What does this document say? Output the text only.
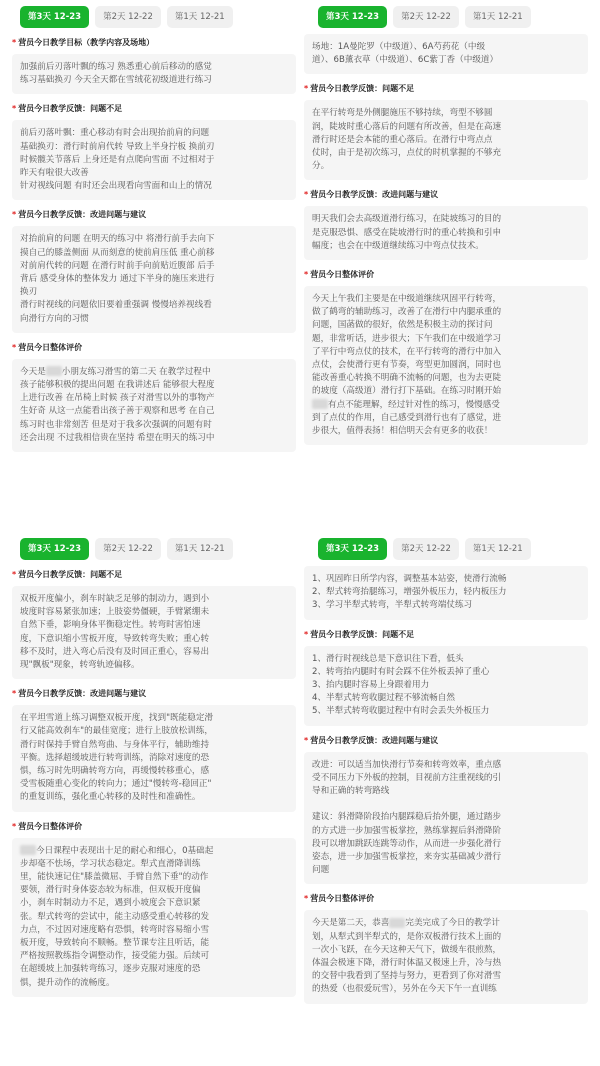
第3天 12-23	第2天 12-22	第1天 12-21
* 营员今日教学目标（教学内容及场地）
加强前后刃落叶飘的练习 熟悉重心前后移动的感觉
练习基础换刃 今天全天都在雪绒花初级道进行练习
* 营员今日教学反馈：问题不足
前后刃落叶飘：重心移动有时会出现抬前肩的问题
基础换刃：滑行时前肩代转 导致上半身拧板 换前刃
时候髋关节落后 上身还是有点爬向雪面 不过相对于
昨天有啦很大改善
针对视线问题 有时还会出现看向雪面和山上的情况
* 营员今日教学反馈：改进问题与建议
对抬前肩的问题 在明天的练习中 将滑行前手去向下
摸自己的膝盖侧面 从而刻意的使前肩压低 重心前移
对前肩代转的问题 在滑行时前手向前贴近腹部 后手
背后 感受身体的整体发力 通过下半身的施压来进行
换刃
滑行时视线的问题依旧要着重强调 慢慢培养视线看
向滑行方向的习惯
* 营员今日整体评价
今天是 小朋友练习滑雪的第二天 在教学过程中
孩子能够积极的提出问题 在我讲述后 能够很大程度
上进行改善 在吊椅上时候 孩子对滑雪以外的事物产
生好奇 从这一点能看出孩子善于观察和思考 在自己
练习时也非常刻苦 但是对于我多次强调的问题有时
还会出现 不过我相信贵在坚持 希望在明天的练习中
第3天 12-23	第2天 12-22	第1天 12-21
* 营员今日教学反馈：问题不足
双板开度偏小，刹车时缺乏足够的制动力，遇到小
坡度时容易紧张加速；上肢姿势僵硬，手臂紧绷未
自然下垂，影响身体平衡稳定性。转弯时害怕速
度，下意识缩小雪板开度，导致转弯失败；重心转
移不及时，进入弯心后没有及时回正重心，容易出
现"飘板"现象，转弯轨迹偏移。
* 营员今日教学反馈：改进问题与建议
在平坦雪道上练习调整双板开度，找到"既能稳定滑
行又能高效刹车"的最佳宽度；进行上肢放松训练，
滑行时保持手臂自然弯曲、与身体平行，辅助维持
平衡。选择超缓坡进行转弯训练，消除对速度的恐
惧，练习时先明确转弯方向，再缓慢转移重心，感
受雪板随重心变化的转向力；通过"慢转弯-稳回正"
的重复训练，强化重心转移的及时性和准确性。
* 营员今日整体评价
今日课程中表现出十足的耐心和细心，0基础起
步却毫不怯场，学习状态稳定。犁式直滑降训练
里，能快速记住"膝盖微屈、手臂自然下垂"的动作
要领，滑行时身体姿态较为标准，但双板开度偏
小，刹车时制动力不足，遇到小坡度会下意识紧
张。犁式转弯的尝试中，能主动感受重心转移的发
力点，不过因对速度略有恐惧，转弯时容易缩小雪
板开度，导致转向不顺畅。整节课专注且听话，能
严格按照教练指令调整动作，接受能力强。后续可
在超缓坡上加强转弯练习，逐步克服对速度的恐
惧，提升动作的流畅度。
第3天 12-23	第2天 12-22	第1天 12-21
场地：1A曼陀罗（中级道）、6A芍药花（中级
道）、6B薰衣草（中级道）、6C紫丁香（中级道）
* 营员今日教学反馈：问题不足
在平行转弯是外侧腿施压不够持续，弯型不够圆
润，陡坡时重心落后的问题有所改善，但是在高速
滑行时还是会本能的重心落后。在滑行中弯点点
仗时，由于是初次练习，点仗的时机掌握的不够充
分。
* 营员今日教学反馈：改进问题与建议
明天我们会去高级道滑行练习，在陡坡练习的目的
是克服恐惧、感受在陡坡滑行时的重心转换和引申
幅度；也会在中级道继续练习中弯点仗技术。
* 营员今日整体评价
今天上午我们主要是在中级道继续巩固平行转弯，
做了鹤弯的辅助练习，改善了在滑行中内腿承重的
问题，国菡做的很好，依然是积极主动的探讨问
题，非常听话，进步很大；下午我们在中级道学习
了平行中弯点仗的技术，在平行转弯的滑行中加入
点仗，会使滑行更有节奏，弯型更加圆润，同时也
能改善重心转换不明确不流畅的问题，也为去更陡
的坡度（高级道）滑行打下基础。在练习时刚开始
有点不能理解，经过针对性的练习，慢慢感受
到了点仗的作用，自己感受到滑行也有了感觉，进
步很大，值得表扬！相信明天会有更多的收获！
第3天 12-23	第2天 12-22	第1天 12-21
1、巩固昨日所学内容，调整基本站姿，使滑行流畅
2、犁式转弯抬腿练习，增强外板压力，轻内板压力
3、学习半犁式转弯，半犁式转弯端仗练习
* 营员今日教学反馈：问题不足
1、滑行时视线总是下意识往下看，低头
2、转弯抬内腿时有时会踩不住外板丢掉了重心
3、抬内腿时容易上身跟着用力
4、半犁式转弯收腿过程不够流畅自然
5、半犁式转弯收腿过程中有时会丢失外板压力
* 营员今日教学反馈：改进问题与建议
改进：可以适当加快滑行节奏和转弯效率，重点感
受不同压力下外板的控制，目视前方注重视线的引
导和正确的转弯路线

建议：斜滑降阶段抬内腿踩稳后抬外腿，通过踏步
的方式进一步加强雪板掌控，熟练掌握后斜滑降阶
段可以增加跳跃连跳等动作，从而进一步强化滑行
姿态，进一步加强雪板掌控，来夯实基础减少滑行
问题
* 营员今日整体评价
今天是第二天，恭喜 完美完成了今日的教学计
划，从犁式到半犁式的，是你双板滑行技术上面的
一次小飞跃，在今天这种天气下，做缓车很煎熬，
体温会极速下降，滑行时体温又极速上升，冷与热
的交替中我看到了坚持与努力，更看到了你对滑雪
的热爱（也很爱玩雪），另外在今天下午一直训练
